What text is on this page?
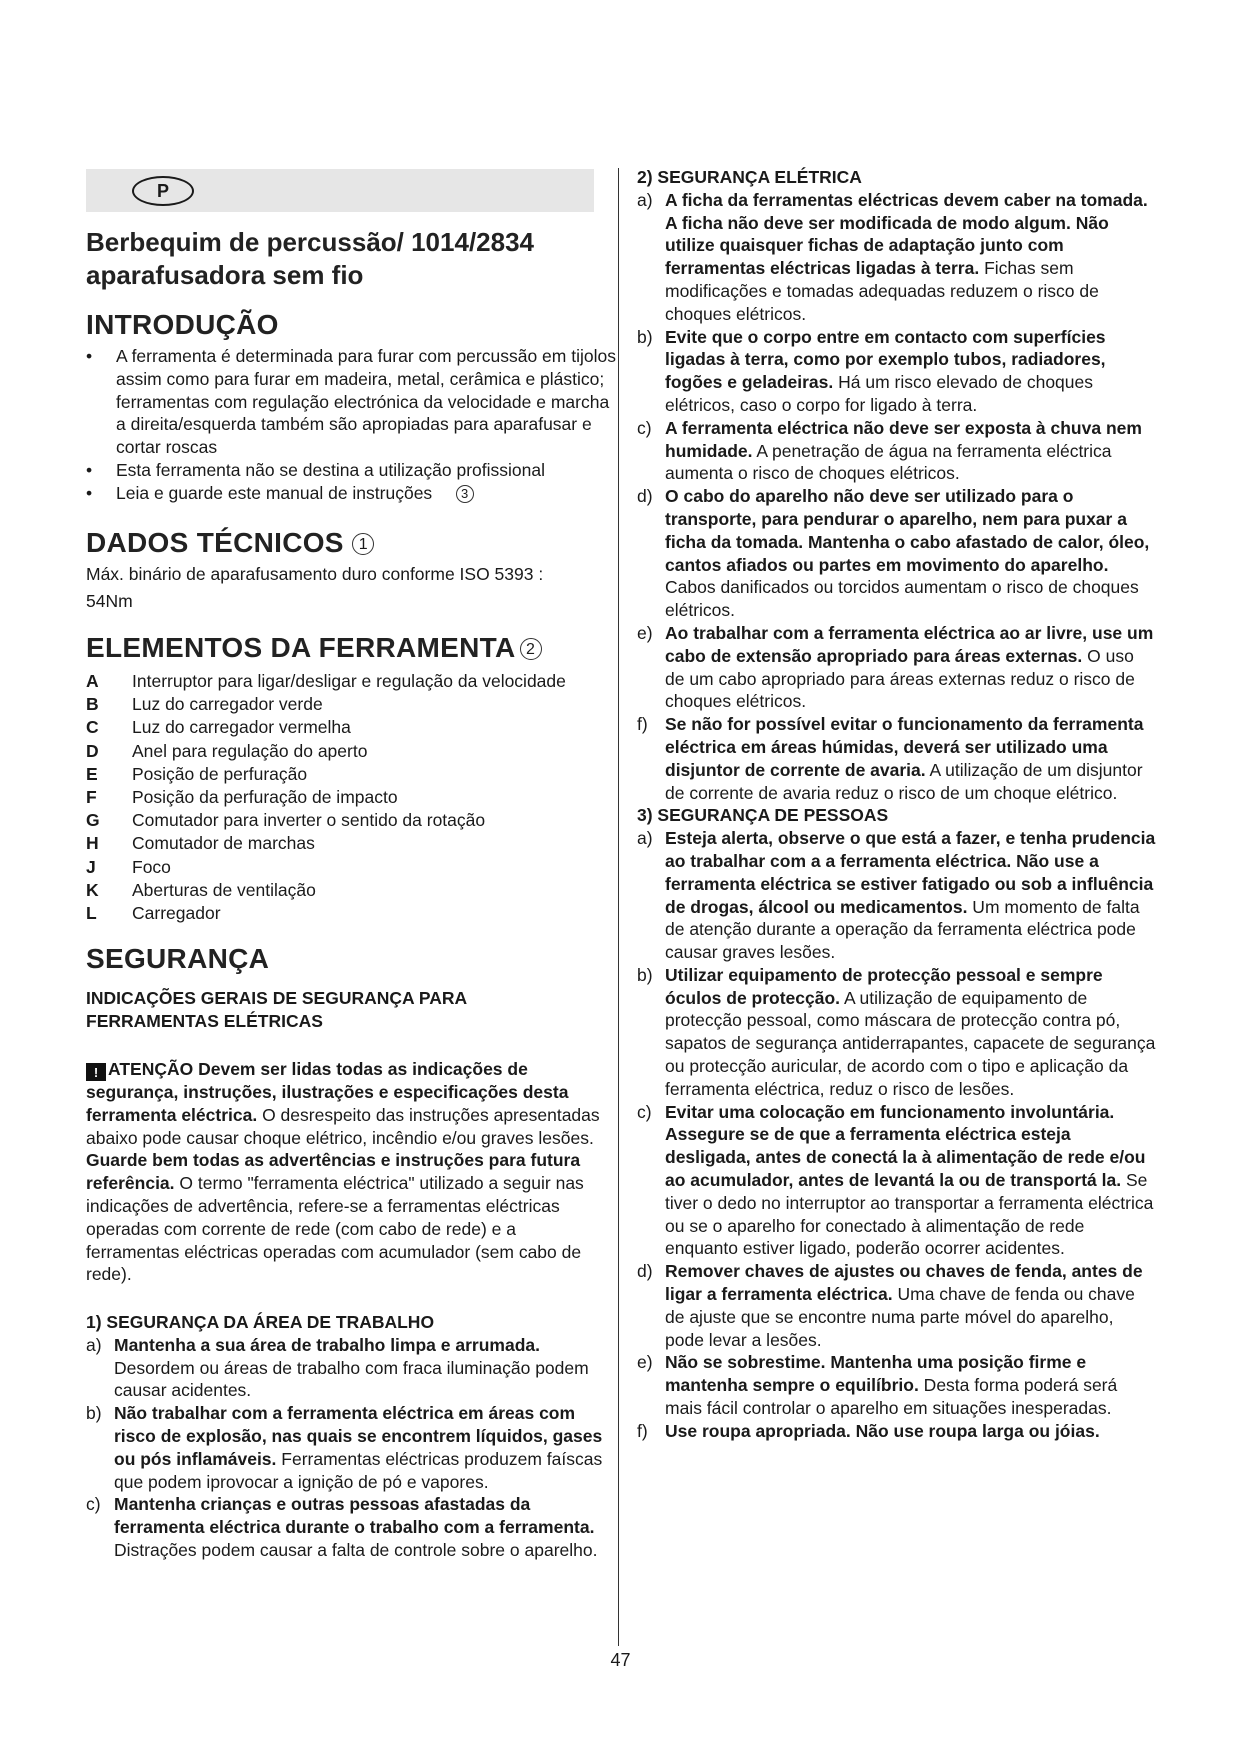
P
Berbequim de percussão/ 1014/2834 aparafusadora sem fio
INTRODUÇÃO
• A ferramenta é determinada para furar com percussão em tijolos assim como para furar em madeira, metal, cerâmica e plástico; ferramentas com regulação electrónica da velocidade e marcha a direita/esquerda também são apropiadas para aparafusar e cortar roscas
• Esta ferramenta não se destina a utilização profissional
• Leia e guarde este manual de instruções 3
DADOS TÉCNICOS 1
Máx. binário de aparafusamento duro conforme ISO 5393 :
54Nm
ELEMENTOS DA FERRAMENTA 2
A	Interruptor para ligar/desligar e regulação da velocidade
B	Luz do carregador verde
C	Luz do carregador vermelha
D	Anel para regulação do aperto
E	Posição de perfuração
F	Posição da perfuração de impacto
G	Comutador para inverter o sentido da rotação
H	Comutador de marchas
J	Foco
K	Aberturas de ventilação
L	Carregador
SEGURANÇA
INDICAÇÕES GERAIS DE SEGURANÇA PARA FERRAMENTAS ELÉTRICAS
! ATENÇÃO Devem ser lidas todas as indicações de segurança, instruções, ilustrações e especificações desta ferramenta eléctrica. O desrespeito das instruções apresentadas abaixo pode causar choque elétrico, incêndio e/ou graves lesões. Guarde bem todas as advertências e instruções para futura referência. O termo "ferramenta eléctrica" utilizado a seguir nas indicações de advertência, refere-se a ferramentas eléctricas operadas com corrente de rede (com cabo de rede) e a ferramentas eléctricas operadas com acumulador (sem cabo de rede).
1) SEGURANÇA DA ÁREA DE TRABALHO
a) Mantenha a sua área de trabalho limpa e arrumada. Desordem ou áreas de trabalho com fraca iluminação podem causar acidentes.
b) Não trabalhar com a ferramenta eléctrica em áreas com risco de explosão, nas quais se encontrem líquidos, gases ou pós inflamáveis. Ferramentas eléctricas produzem faíscas que podem iprovocar a ignição de pó e vapores.
c) Mantenha crianças e outras pessoas afastadas da ferramenta eléctrica durante o trabalho com a ferramenta. Distrações podem causar a falta de controle sobre o aparelho.
2) SEGURANÇA ELÉTRICA
a) A ficha da ferramentas eléctricas devem caber na tomada. A ficha não deve ser modificada de modo algum. Não utilize quaisquer fichas de adaptação junto com ferramentas eléctricas ligadas à terra. Fichas sem modificações e tomadas adequadas reduzem o risco de choques elétricos.
b) Evite que o corpo entre em contacto com superfícies ligadas à terra, como por exemplo tubos, radiadores, fogões e geladeiras. Há um risco elevado de choques elétricos, caso o corpo for ligado à terra.
c) A ferramenta eléctrica não deve ser exposta à chuva nem humidade. A penetração de água na ferramenta eléctrica aumenta o risco de choques elétricos.
d) O cabo do aparelho não deve ser utilizado para o transporte, para pendurar o aparelho, nem para puxar a ficha da tomada. Mantenha o cabo afastado de calor, óleo, cantos afiados ou partes em movimento do aparelho. Cabos danificados ou torcidos aumentam o risco de choques elétricos.
e) Ao trabalhar com a ferramenta eléctrica ao ar livre, use um cabo de extensão apropriado para áreas externas. O uso de um cabo apropriado para áreas externas reduz o risco de choques elétricos.
f) Se não for possível evitar o funcionamento da ferramenta eléctrica em áreas húmidas, deverá ser utilizado uma disjuntor de corrente de avaria. A utilização de um disjuntor de corrente de avaria reduz o risco de um choque elétrico.
3) SEGURANÇA DE PESSOAS
a) Esteja alerta, observe o que está a fazer, e tenha prudencia ao trabalhar com a a ferramenta eléctrica. Não use a ferramenta eléctrica se estiver fatigado ou sob a influência de drogas, álcool ou medicamentos. Um momento de falta de atenção durante a operação da ferramenta eléctrica pode causar graves lesões.
b) Utilizar equipamento de protecção pessoal e sempre óculos de protecção. A utilização de equipamento de protecção pessoal, como máscara de protecção contra pó, sapatos de segurança antiderrapantes, capacete de segurança ou protecção auricular, de acordo com o tipo e aplicação da ferramenta eléctrica, reduz o risco de lesões.
c) Evitar uma colocação em funcionamento involuntária. Assegure se de que a ferramenta eléctrica esteja desligada, antes de conectá la à alimentação de rede e/ou ao acumulador, antes de levantá la ou de transportá la. Se tiver o dedo no interruptor ao transportar a ferramenta eléctrica ou se o aparelho for conectado à alimentação de rede enquanto estiver ligado, poderão ocorrer acidentes.
d) Remover chaves de ajustes ou chaves de fenda, antes de ligar a ferramenta eléctrica. Uma chave de fenda ou chave de ajuste que se encontre numa parte móvel do aparelho, pode levar a lesões.
e) Não se sobrestime. Mantenha uma posição firme e mantenha sempre o equilíbrio. Desta forma poderá será mais fácil controlar o aparelho em situações inesperadas.
f) Use roupa apropriada. Não use roupa larga ou jóias.
47
